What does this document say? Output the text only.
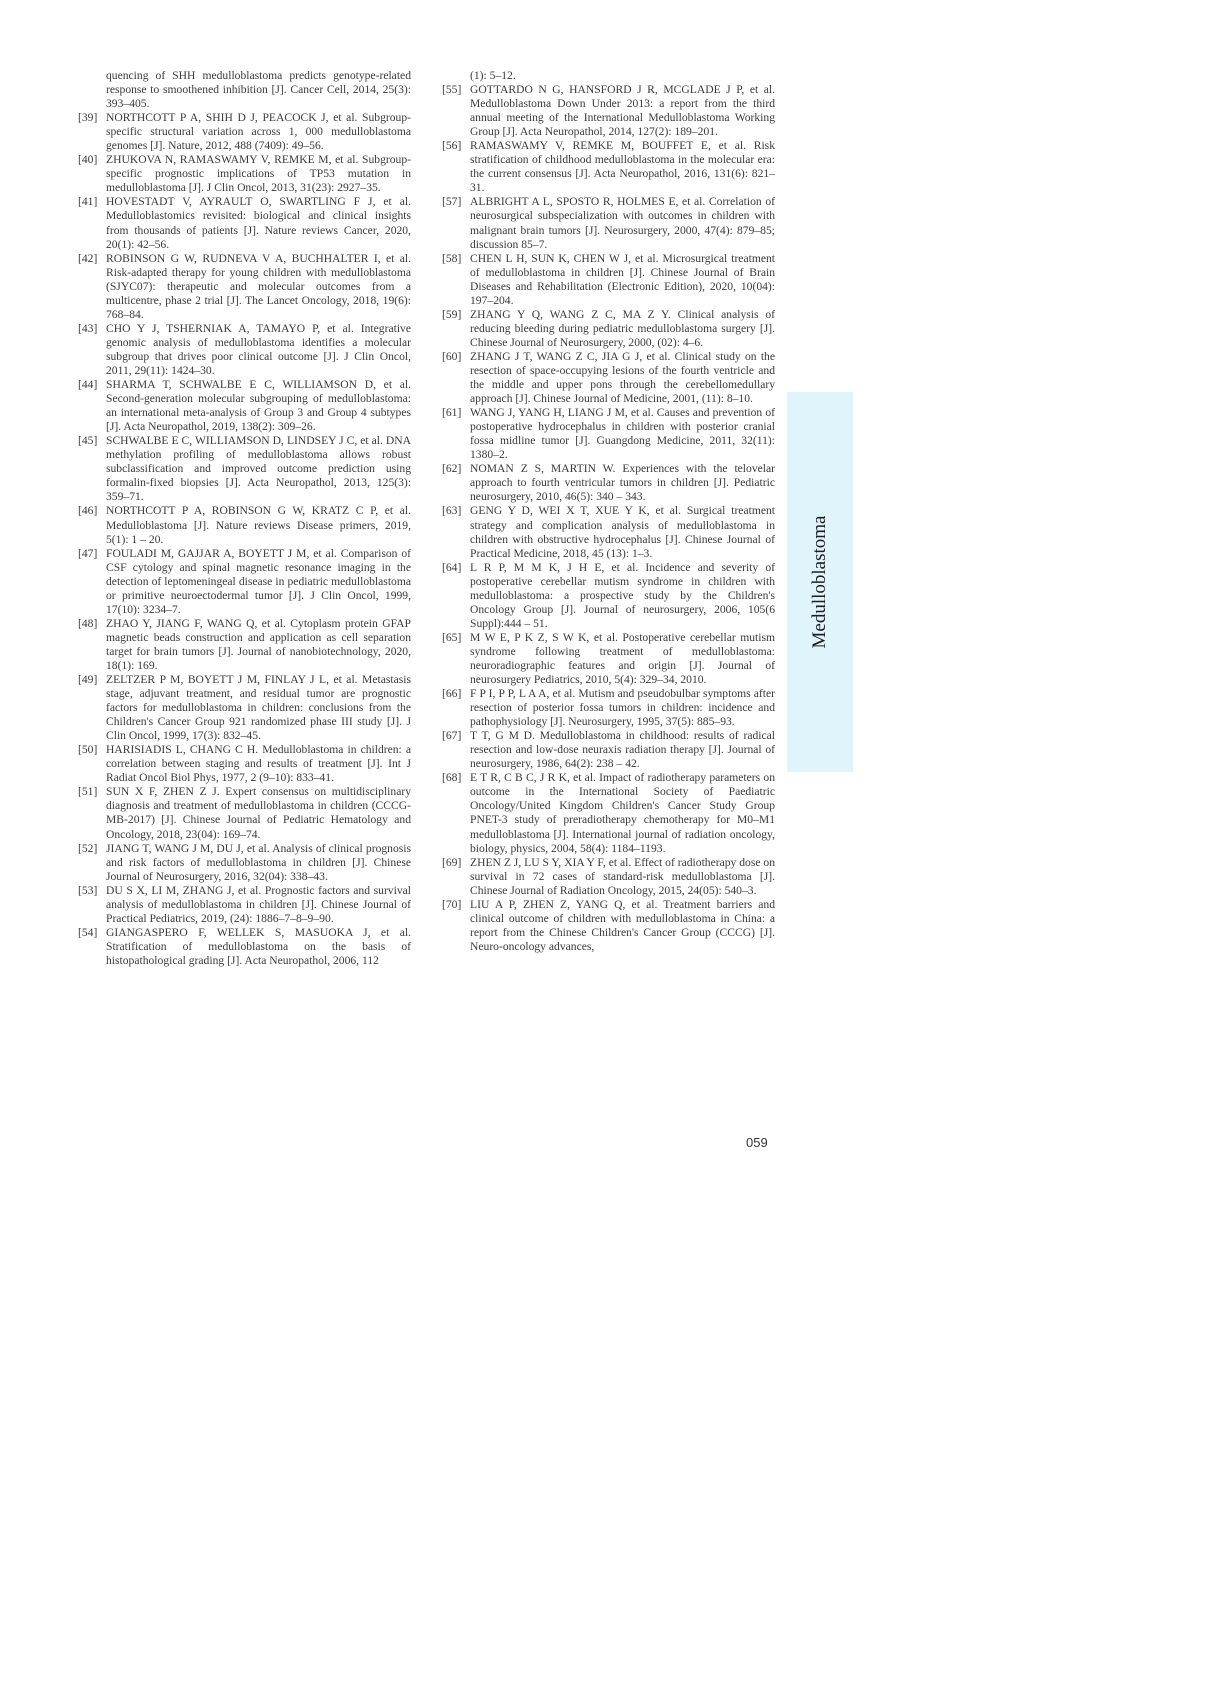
quencing of SHH medulloblastoma predicts genotype-related response to smoothened inhibition [J]. Cancer Cell, 2014, 25(3): 393–405.

[39] NORTHCOTT P A, SHIH D J, PEACOCK J, et al. Subgroup-specific structural variation across 1, 000 medulloblastoma genomes [J]. Nature, 2012, 488 (7409): 49–56.

[40] ZHUKOVA N, RAMASWAMY V, REMKE M, et al. Subgroup-specific prognostic implications of TP53 mutation in medulloblastoma [J]. J Clin Oncol, 2013, 31(23): 2927–35.

[41] HOVESTADT V, AYRAULT O, SWARTLING F J, et al. Medulloblastomics revisited: biological and clinical insights from thousands of patients [J]. Nature reviews Cancer, 2020, 20(1): 42–56.

[42] ROBINSON G W, RUDNEVA V A, BUCHHALTER I, et al. Risk-adapted therapy for young children with medulloblastoma (SJYC07): therapeutic and molecular outcomes from a multicentre, phase 2 trial [J]. The Lancet Oncology, 2018, 19(6): 768–84.

[43] CHO Y J, TSHERNIAK A, TAMAYO P, et al. Integrative genomic analysis of medulloblastoma identifies a molecular subgroup that drives poor clinical outcome [J]. J Clin Oncol, 2011, 29(11): 1424–30.

[44] SHARMA T, SCHWALBE E C, WILLIAMSON D, et al. Second-generation molecular subgrouping of medulloblastoma: an international meta-analysis of Group 3 and Group 4 subtypes [J]. Acta Neuropathol, 2019, 138(2): 309–26.

[45] SCHWALBE E C, WILLIAMSON D, LINDSEY J C, et al. DNA methylation profiling of medulloblastoma allows robust subclassification and improved outcome prediction using formalin-fixed biopsies [J]. Acta Neuropathol, 2013, 125(3): 359–71.

[46] NORTHCOTT P A, ROBINSON G W, KRATZ C P, et al. Medulloblastoma [J]. Nature reviews Disease primers, 2019, 5(1): 1 – 20.

[47] FOULADI M, GAJJAR A, BOYETT J M, et al. Comparison of CSF cytology and spinal magnetic resonance imaging in the detection of leptomeningeal disease in pediatric medulloblastoma or primitive neuroectodermal tumor [J]. J Clin Oncol, 1999, 17(10): 3234–7.

[48] ZHAO Y, JIANG F, WANG Q, et al. Cytoplasm protein GFAP magnetic beads construction and application as cell separation target for brain tumors [J]. Journal of nanobiotechnology, 2020, 18(1): 169.

[49] ZELTZER P M, BOYETT J M, FINLAY J L, et al. Metastasis stage, adjuvant treatment, and residual tumor are prognostic factors for medulloblastoma in children: conclusions from the Children's Cancer Group 921 randomized phase III study [J]. J Clin Oncol, 1999, 17(3): 832–45.

[50] HARISIADIS L, CHANG C H. Medulloblastoma in children: a correlation between staging and results of treatment [J]. Int J Radiat Oncol Biol Phys, 1977, 2 (9–10): 833–41.

[51] SUN X F, ZHEN Z J. Expert consensus on multidisciplinary diagnosis and treatment of medulloblastoma in children (CCCG-MB-2017) [J]. Chinese Journal of Pediatric Hematology and Oncology, 2018, 23(04): 169–74.

[52] JIANG T, WANG J M, DU J, et al. Analysis of clinical prognosis and risk factors of medulloblastoma in children [J]. Chinese Journal of Neurosurgery, 2016, 32(04): 338–43.

[53] DU S X, LI M, ZHANG J, et al. Prognostic factors and survival analysis of medulloblastoma in children [J]. Chinese Journal of Practical Pediatrics, 2019, (24): 1886–7–8–9–90.

[54] GIANGASPERO F, WELLEK S, MASUOKA J, et al. Stratification of medulloblastoma on the basis of histopathological grading [J]. Acta Neuropathol, 2006, 112

(1): 5–12.

[55] GOTTARDO N G, HANSFORD J R, MCGLADE J P, et al. Medulloblastoma Down Under 2013: a report from the third annual meeting of the International Medulloblastoma Working Group [J]. Acta Neuropathol, 2014, 127(2): 189–201.

[56] RAMASWAMY V, REMKE M, BOUFFET E, et al. Risk stratification of childhood medulloblastoma in the molecular era: the current consensus [J]. Acta Neuropathol, 2016, 131(6): 821–31.

[57] ALBRIGHT A L, SPOSTO R, HOLMES E, et al. Correlation of neurosurgical subspecialization with outcomes in children with malignant brain tumors [J]. Neurosurgery, 2000, 47(4): 879–85; discussion 85–7.

[58] CHEN L H, SUN K, CHEN W J, et al. Microsurgical treatment of medulloblastoma in children [J]. Chinese Journal of Brain Diseases and Rehabilitation (Electronic Edition), 2020, 10(04): 197–204.

[59] ZHANG Y Q, WANG Z C, MA Z Y. Clinical analysis of reducing bleeding during pediatric medulloblastoma surgery [J]. Chinese Journal of Neurosurgery, 2000, (02): 4–6.

[60] ZHANG J T, WANG Z C, JIA G J, et al. Clinical study on the resection of space-occupying lesions of the fourth ventricle and the middle and upper pons through the cerebellomedullary approach [J]. Chinese Journal of Medicine, 2001, (11): 8–10.

[61] WANG J, YANG H, LIANG J M, et al. Causes and prevention of postoperative hydrocephalus in children with posterior cranial fossa midline tumor [J]. Guangdong Medicine, 2011, 32(11): 1380–2.

[62] NOMAN Z S, MARTIN W. Experiences with the telovelar approach to fourth ventricular tumors in children [J]. Pediatric neurosurgery, 2010, 46(5): 340 – 343.

[63] GENG Y D, WEI X T, XUE Y K, et al. Surgical treatment strategy and complication analysis of medulloblastoma in children with obstructive hydrocephalus [J]. Chinese Journal of Practical Medicine, 2018, 45 (13): 1–3.

[64] L R P, M M K, J H E, et al. Incidence and severity of postoperative cerebellar mutism syndrome in children with medulloblastoma: a prospective study by the Children's Oncology Group [J]. Journal of neurosurgery, 2006, 105(6 Suppl):444 – 51.

[65] M W E, P K Z, S W K, et al. Postoperative cerebellar mutism syndrome following treatment of medulloblastoma: neuroradiographic features and origin [J]. Journal of neurosurgery Pediatrics, 2010, 5(4): 329–34, 2010.

[66] F P I, P P, L A A, et al. Mutism and pseudobulbar symptoms after resection of posterior fossa tumors in children: incidence and pathophysiology [J]. Neurosurgery, 1995, 37(5): 885–93.

[67] T T, G M D. Medulloblastoma in childhood: results of radical resection and low-dose neuraxis radiation therapy [J]. Journal of neurosurgery, 1986, 64(2): 238 – 42.

[68] E T R, C B C, J R K, et al. Impact of radiotherapy parameters on outcome in the International Society of Paediatric Oncology/United Kingdom Children's Cancer Study Group PNET-3 study of preradiotherapy chemotherapy for M0–M1 medulloblastoma [J]. International journal of radiation oncology, biology, physics, 2004, 58(4): 1184–1193.

[69] ZHEN Z J, LU S Y, XIA Y F, et al. Effect of radiotherapy dose on survival in 72 cases of standard-risk medulloblastoma [J]. Chinese Journal of Radiation Oncology, 2015, 24(05): 540–3.

[70] LIU A P, ZHEN Z, YANG Q, et al. Treatment barriers and clinical outcome of children with medulloblastoma in China: a report from the Chinese Children's Cancer Group (CCCG) [J]. Neuro-oncology advances,

Medulloblastoma
059
